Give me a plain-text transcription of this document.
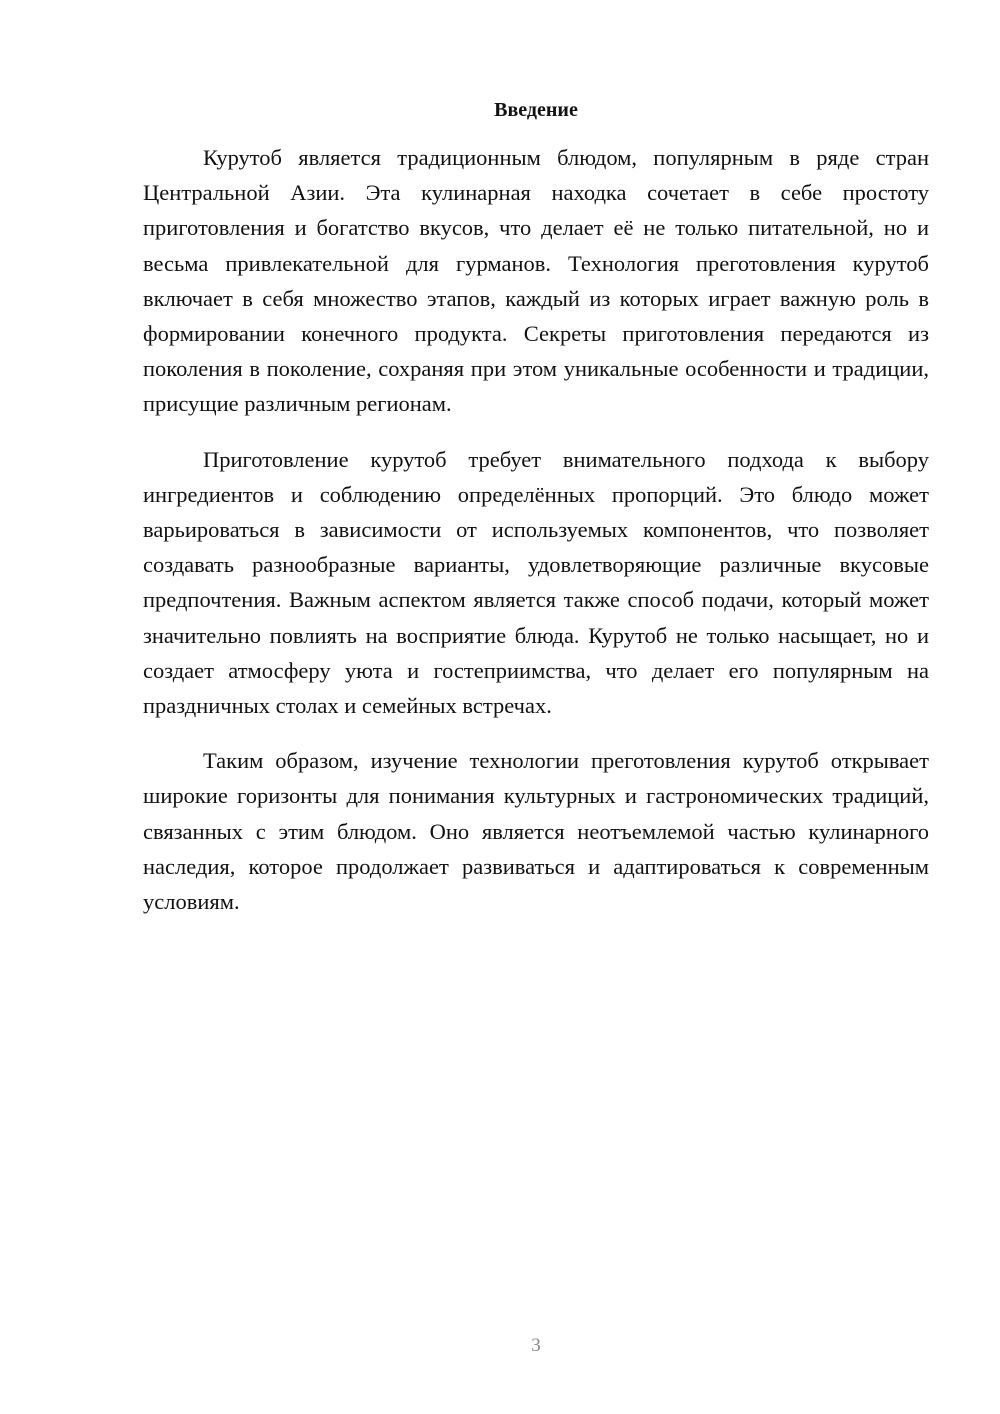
Введение

Курутоб является традиционным блюдом, популярным в ряде стран Центральной Азии. Эта кулинарная находка сочетает в себе простоту приготовления и богатство вкусов, что делает её не только питательной, но и весьма привлекательной для гурманов. Технология преготовления курутоб включает в себя множество этапов, каждый из которых играет важную роль в формировании конечного продукта. Секреты приготовления передаются из поколения в поколение, сохраняя при этом уникальные особенности и традиции, присущие различным регионам.

Приготовление курутоб требует внимательного подхода к выбору ингредиентов и соблюдению определённых пропорций. Это блюдо может варьироваться в зависимости от используемых компонентов, что позволяет создавать разнообразные варианты, удовлетворяющие различные вкусовые предпочтения. Важным аспектом является также способ подачи, который может значительно повлиять на восприятие блюда. Курутоб не только насыщает, но и создает атмосферу уюта и гостеприимства, что делает его популярным на праздничных столах и семейных встречах.

Таким образом, изучение технологии преготовления курутоб открывает широкие горизонты для понимания культурных и гастрономических традиций, связанных с этим блюдом. Оно является неотъемлемой частью кулинарного наследия, которое продолжает развиваться и адаптироваться к современным условиям.

3
